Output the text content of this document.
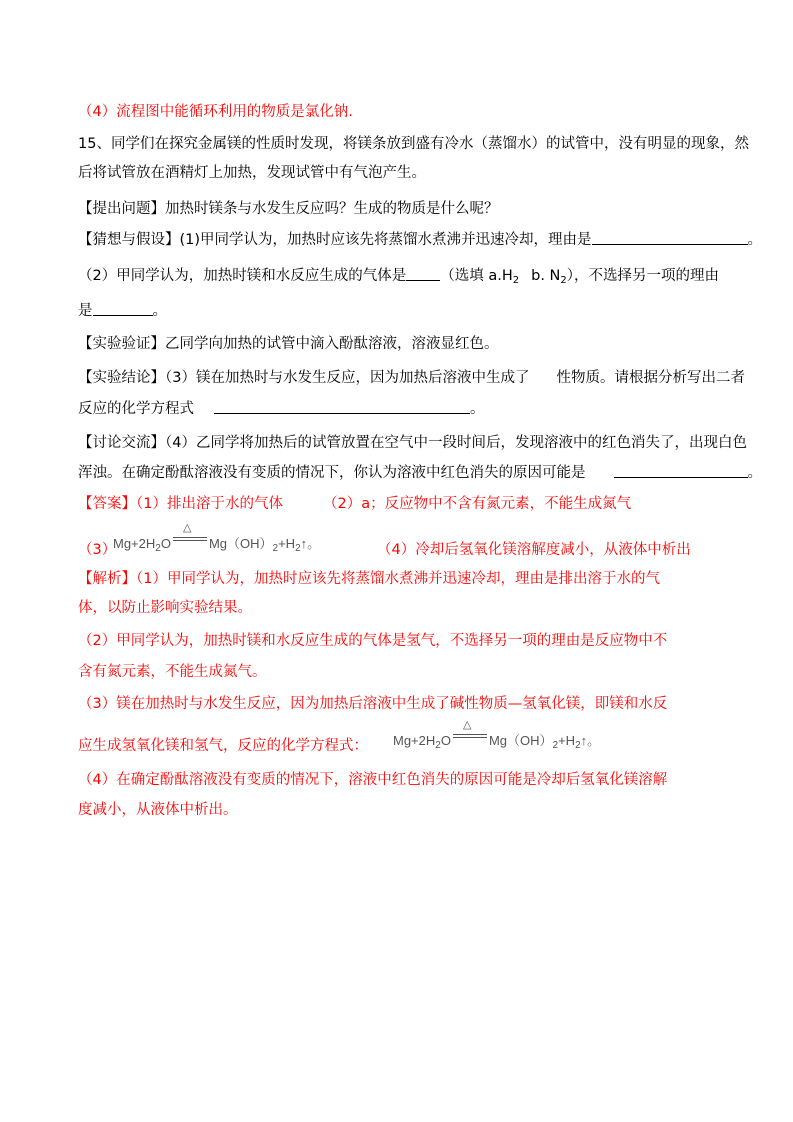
（4）流程图中能循环利用的物质是氯化钠.
15、同学们在探究金属镁的性质时发现，将镁条放到盛有冷水（蒸馏水）的试管中，没有明显的现象，然
后将试管放在酒精灯上加热，发现试管中有气泡产生。
【提出问题】加热时镁条与水发生反应吗？生成的物质是什么呢？
【猜想与假设】(1)甲同学认为，加热时应该先将蒸馏水煮沸并迅速冷却，理由是	。
（2）甲同学认为，加热时镁和水反应生成的气体是 （选填 $a.H_2$ b. $N_2$），不选择另一项的理由
是	。
【实验验证】乙同学向加热的试管中滴入酚酞溶液，溶液显红色。
【实验结论】（3）镁在加热时与水发生反应，因为加热后溶液中生成了 性物质。请根据分析写出二者
反应的化学方程式	。
【讨论交流】（4）乙同学将加热后的试管放置在空气中一段时间后，发现溶液中的红色消失了，出现白色
浑浊。在确定酚酞溶液没有变质的情况下，你认为溶液中红色消失的原因可能是	。
【答案】（1）排出溶于水的气体	（2）a；反应物中不含有氮元素，不能生成氮气
（3）
$Mg+2H_2O$
△
$Mg(OH)_2+H_2↑$。	（4）冷却后氢氧化镁溶解度减小，从液体中析出
【解析】（1）甲同学认为，加热时应该先将蒸馏水煮沸并迅速冷却，理由是排出溶于水的气
体，以防止影响实验结果。
（2）甲同学认为，加热时镁和水反应生成的气体是氢气，不选择另一项的理由是反应物中不
含有氮元素，不能生成氮气。
（3）镁在加热时与水发生反应，因为加热后溶液中生成了碱性物质—氢氧化镁，即镁和水反
应生成氢氧化镁和氢气，反应的化学方程式： $Mg+2H_2O$
△
$Mg(OH)_2+H_2↑$。
（4）在确定酚酞溶液没有变质的情况下，溶液中红色消失的原因可能是冷却后氢氧化镁溶解
度减小，从液体中析出。
